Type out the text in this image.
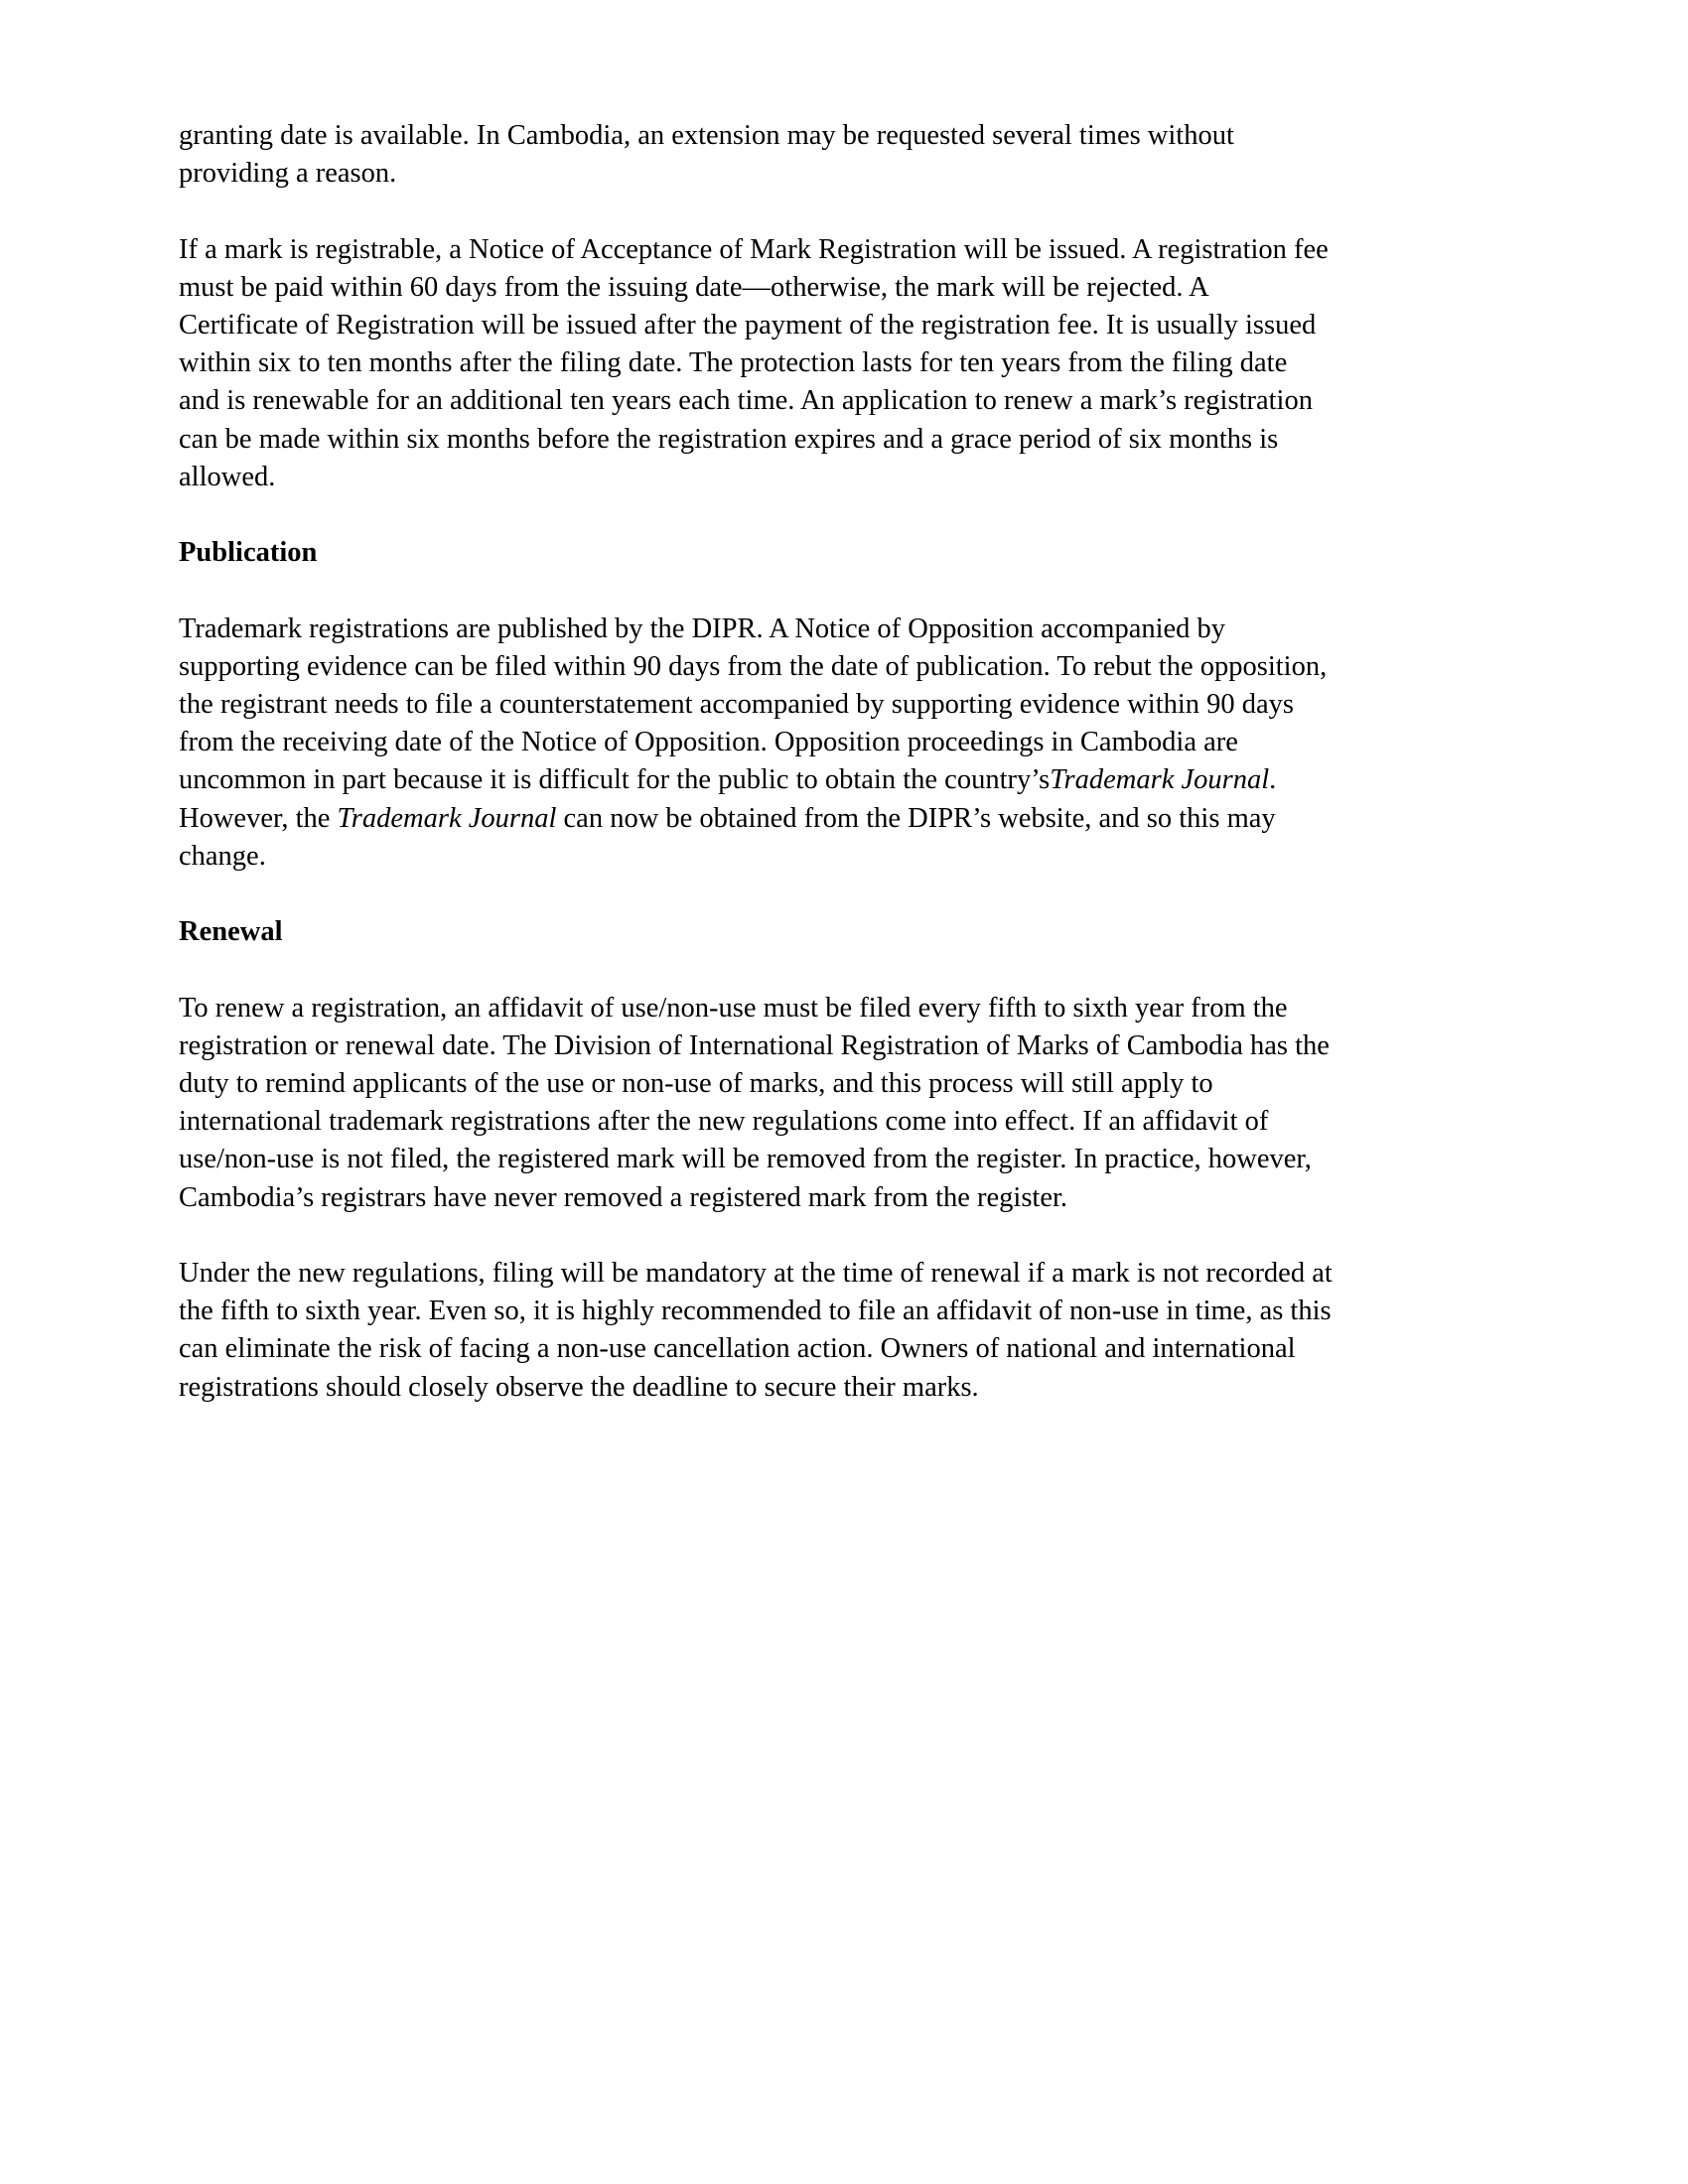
granting date is available. In Cambodia, an extension may be requested several times without
providing a reason.

If a mark is registrable, a Notice of Acceptance of Mark Registration will be issued. A registration fee
must be paid within 60 days from the issuing date—otherwise, the mark will be rejected. A
Certificate of Registration will be issued after the payment of the registration fee. It is usually issued
within six to ten months after the filing date. The protection lasts for ten years from the filing date
and is renewable for an additional ten years each time. An application to renew a mark’s registration
can be made within six months before the registration expires and a grace period of six months is
allowed.

Publication

Trademark registrations are published by the DIPR. A Notice of Opposition accompanied by
supporting evidence can be filed within 90 days from the date of publication. To rebut the opposition,
the registrant needs to file a counterstatement accompanied by supporting evidence within 90 days
from the receiving date of the Notice of Opposition. Opposition proceedings in Cambodia are
uncommon in part because it is difficult for the public to obtain the country’sTrademark Journal.
However, the Trademark Journal can now be obtained from the DIPR’s website, and so this may
change.

Renewal

To renew a registration, an affidavit of use/non-use must be filed every fifth to sixth year from the
registration or renewal date. The Division of International Registration of Marks of Cambodia has the
duty to remind applicants of the use or non-use of marks, and this process will still apply to
international trademark registrations after the new regulations come into effect. If an affidavit of
use/non-use is not filed, the registered mark will be removed from the register. In practice, however,
Cambodia’s registrars have never removed a registered mark from the register.

Under the new regulations, filing will be mandatory at the time of renewal if a mark is not recorded at
the fifth to sixth year. Even so, it is highly recommended to file an affidavit of non-use in time, as this
can eliminate the risk of facing a non-use cancellation action. Owners of national and international
registrations should closely observe the deadline to secure their marks.
